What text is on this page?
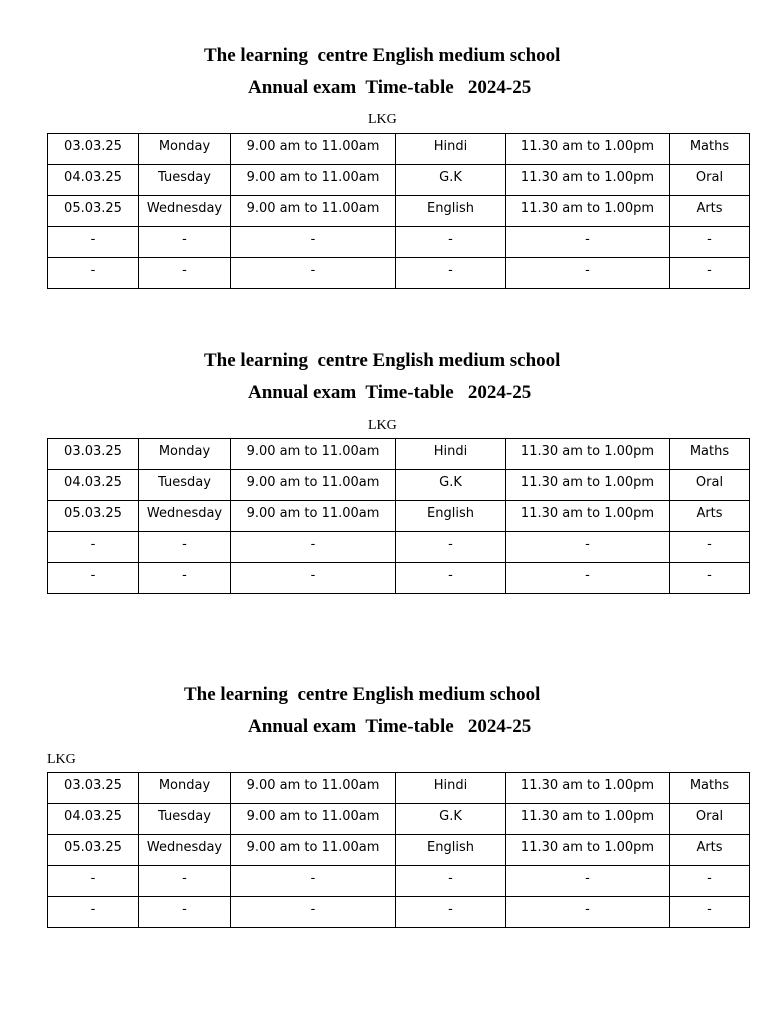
The learning  centre English medium school
Annual exam  Time-table   2024-25
LKG
03.03.25	Monday	9.00 am to 11.00am	Hindi	11.30 am to 1.00pm	Maths
04.03.25	Tuesday	9.00 am to 11.00am	G.K	11.30 am to 1.00pm	Oral
05.03.25	Wednesday	9.00 am to 11.00am	English	11.30 am to 1.00pm	Arts
-	-	-	-	-	-
-	-	-	-	-	-
The learning  centre English medium school
Annual exam  Time-table   2024-25
LKG
03.03.25	Monday	9.00 am to 11.00am	Hindi	11.30 am to 1.00pm	Maths
04.03.25	Tuesday	9.00 am to 11.00am	G.K	11.30 am to 1.00pm	Oral
05.03.25	Wednesday	9.00 am to 11.00am	English	11.30 am to 1.00pm	Arts
-	-	-	-	-	-
-	-	-	-	-	-
The learning  centre English medium school
Annual exam  Time-table   2024-25
LKG
03.03.25	Monday	9.00 am to 11.00am	Hindi	11.30 am to 1.00pm	Maths
04.03.25	Tuesday	9.00 am to 11.00am	G.K	11.30 am to 1.00pm	Oral
05.03.25	Wednesday	9.00 am to 11.00am	English	11.30 am to 1.00pm	Arts
-	-	-	-	-	-
-	-	-	-	-	-
